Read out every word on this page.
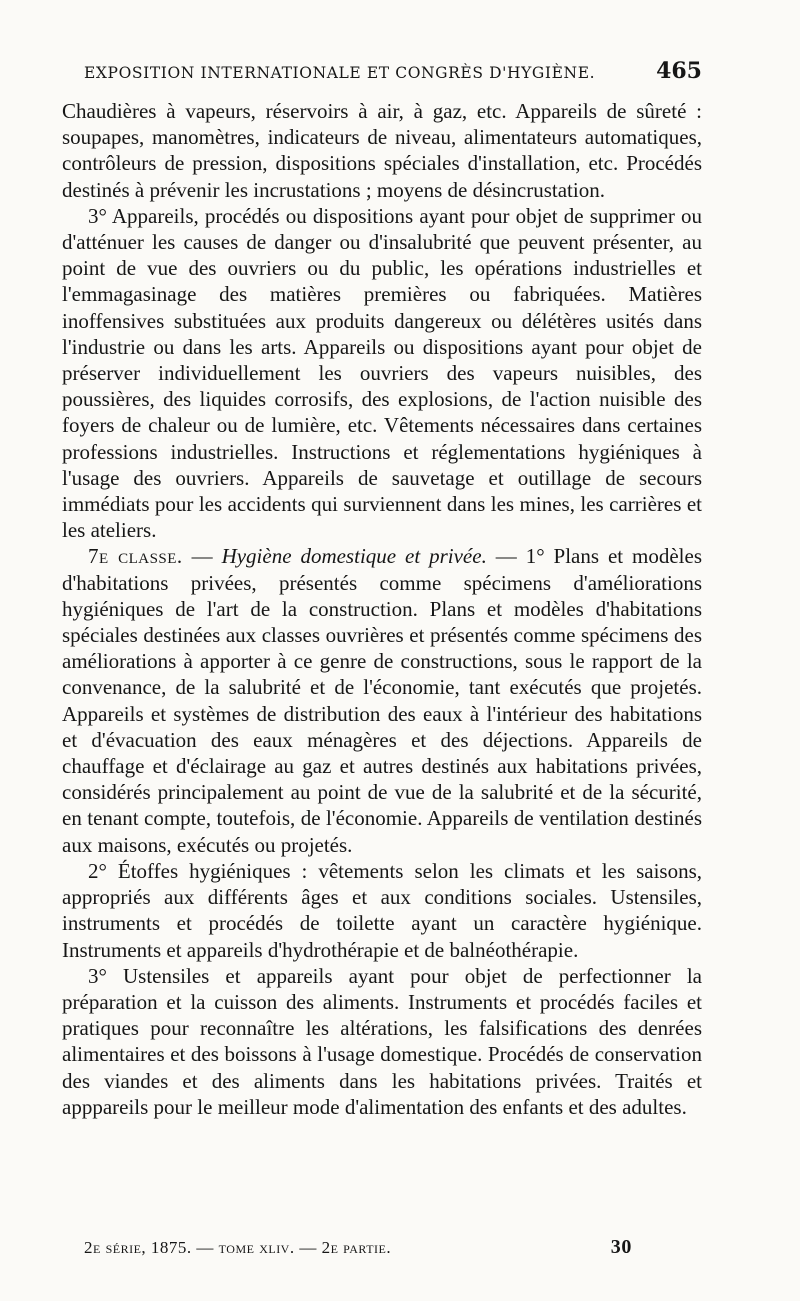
EXPOSITION INTERNATIONALE ET CONGRÈS D'HYGIÈNE.	465

Chaudières à vapeurs, réservoirs à air, à gaz, etc. Appareils de sûreté : soupapes, manomètres, indicateurs de niveau, alimentateurs automatiques, contrôleurs de pression, dispositions spéciales d'installation, etc. Procédés destinés à prévenir les incrustations ; moyens de désincrustation.

3° Appareils, procédés ou dispositions ayant pour objet de supprimer ou d'atténuer les causes de danger ou d'insalubrité que peuvent présenter, au point de vue des ouvriers ou du public, les opérations industrielles et l'emmagasinage des matières premières ou fabriquées. Matières inoffensives substituées aux produits dangereux ou délétères usités dans l'industrie ou dans les arts. Appareils ou dispositions ayant pour objet de préserver individuellement les ouvriers des vapeurs nuisibles, des poussières, des liquides corrosifs, des explosions, de l'action nuisible des foyers de chaleur ou de lumière, etc. Vêtements nécessaires dans certaines professions industrielles. Instructions et réglementations hygiéniques à l'usage des ouvriers. Appareils de sauvetage et outillage de secours immédiats pour les accidents qui surviennent dans les mines, les carrières et les ateliers.

7e classe. — Hygiène domestique et privée. — 1° Plans et modèles d'habitations privées, présentés comme spécimens d'améliorations hygiéniques de l'art de la construction. Plans et modèles d'habitations spéciales destinées aux classes ouvrières et présentés comme spécimens des améliorations à apporter à ce genre de constructions, sous le rapport de la convenance, de la salubrité et de l'économie, tant exécutés que projetés. Appareils et systèmes de distribution des eaux à l'intérieur des habitations et d'évacuation des eaux ménagères et des déjections. Appareils de chauffage et d'éclairage au gaz et autres destinés aux habitations privées, considérés principalement au point de vue de la salubrité et de la sécurité, en tenant compte, toutefois, de l'économie. Appareils de ventilation destinés aux maisons, exécutés ou projetés.

2° Étoffes hygiéniques : vêtements selon les climats et les saisons, appropriés aux différents âges et aux conditions sociales. Ustensiles, instruments et procédés de toilette ayant un caractère hygiénique. Instruments et appareils d'hydrothérapie et de balnéothérapie.

3° Ustensiles et appareils ayant pour objet de perfectionner la préparation et la cuisson des aliments. Instruments et procédés faciles et pratiques pour reconnaître les altérations, les falsifications des denrées alimentaires et des boissons à l'usage domestique. Procédés de conservation des viandes et des aliments dans les habitations privées. Traités et apppareils pour le meilleur mode d'alimentation des enfants et des adultes.

2e série, 1875. — tome xliv. — 2e partie.	30
